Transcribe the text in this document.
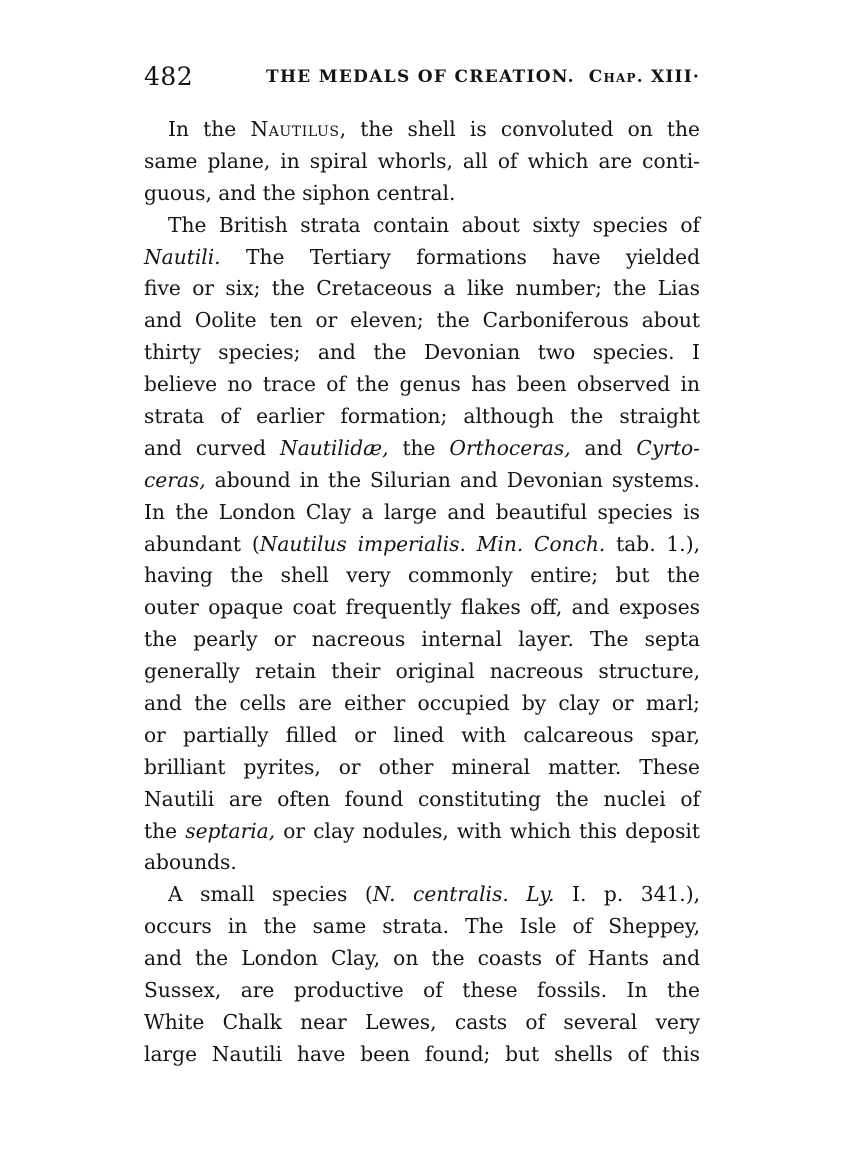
482	THE MEDALS OF CREATION. Chap. XIII·
In the Nautilus, the shell is convoluted on the
same plane, in spiral whorls, all of which are conti-
guous, and the siphon central.
The British strata contain about sixty species of
Nautili. The Tertiary formations have yielded
five or six; the Cretaceous a like number; the Lias
and Oolite ten or eleven; the Carboniferous about
thirty species; and the Devonian two species. I
believe no trace of the genus has been observed in
strata of earlier formation; although the straight
and curved Nautilidæ, the Orthoceras, and Cyrto-
ceras, abound in the Silurian and Devonian systems.
In the London Clay a large and beautiful species is
abundant (Nautilus imperialis. Min. Conch. tab. 1.),
having the shell very commonly entire; but the
outer opaque coat frequently flakes off, and exposes
the pearly or nacreous internal layer. The septa
generally retain their original nacreous structure,
and the cells are either occupied by clay or marl;
or partially filled or lined with calcareous spar,
brilliant pyrites, or other mineral matter. These
Nautili are often found constituting the nuclei of
the septaria, or clay nodules, with which this deposit
abounds.
A small species (N. centralis. Ly. I. p. 341.),
occurs in the same strata. The Isle of Sheppey,
and the London Clay, on the coasts of Hants and
Sussex, are productive of these fossils. In the
White Chalk near Lewes, casts of several very
large Nautili have been found; but shells of this
